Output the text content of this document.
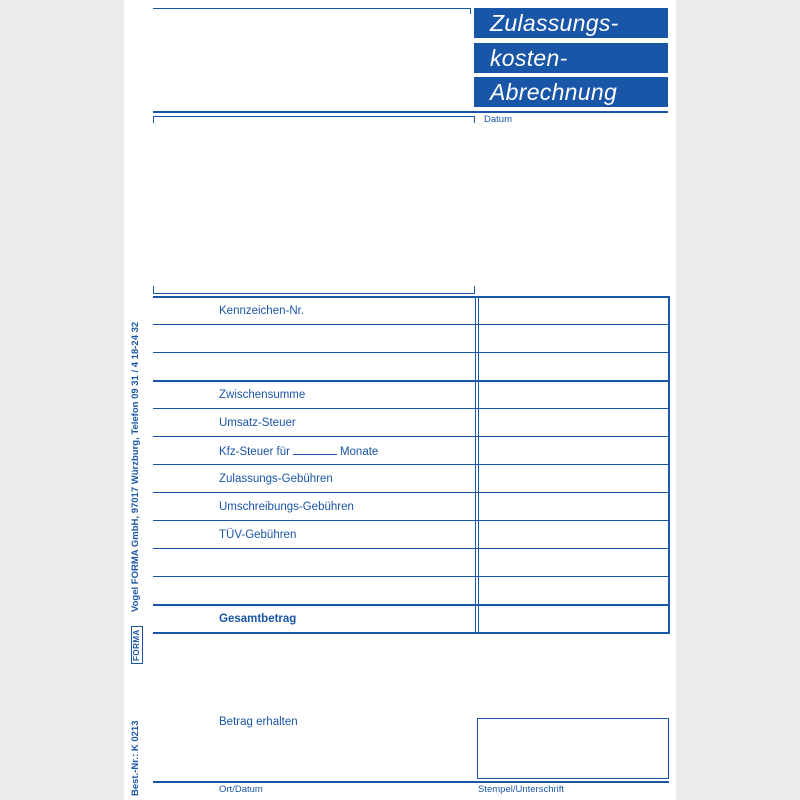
Zulassungs-
kosten-
Abrechnung
Datum
Kennzeichen-Nr.
Zwischensumme
Umsatz-Steuer
Kfz-Steuer für	Monate
Zulassungs-Gebühren
Umschreibungs-Gebühren
TÜV-Gebühren
Gesamtbetrag
Betrag erhalten
Ort/Datum	Stempel/Unterschrift
Vogel FORMA GmbH, 97017 Würzburg, Telefon 09 31 / 4 18-24 32
FORMA
Best.-Nr.: K 0213
